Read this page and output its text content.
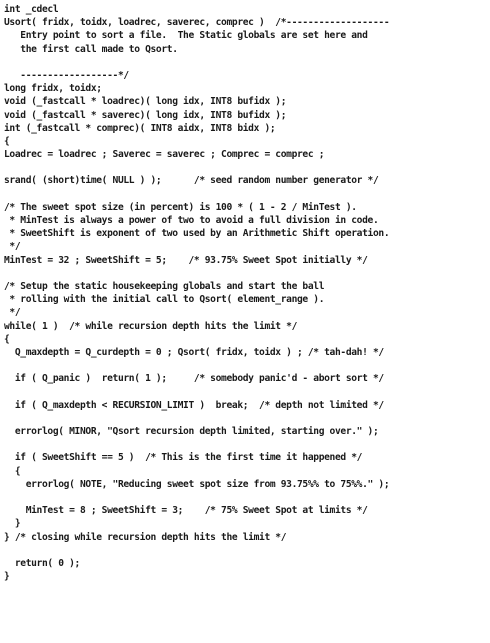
int _cdecl
Usort( fridx, toidx, loadrec, saverec, comprec )  /*-------------------
Entry point to sort a file.  The Static globals are set here and
the first call made to Qsort.
------------------*/
long fridx, toidx;
void (_fastcall * loadrec)( long idx, INT8 bufidx );
void (_fastcall * saverec)( long idx, INT8 bufidx );
int (_fastcall * comprec)( INT8 aidx, INT8 bidx );
{
Loadrec = loadrec ; Saverec = saverec ; Comprec = comprec ;
srand( (short)time( NULL ) );      /* seed random number generator */
/* The sweet spot size (in percent) is 100 * ( 1 - 2 / MinTest ).
* MinTest is always a power of two to avoid a full division in code.
* SweetShift is exponent of two used by an Arithmetic Shift operation.
*/
MinTest = 32 ; SweetShift = 5;    /* 93.75% Sweet Spot initially */
/* Setup the static housekeeping globals and start the ball
* rolling with the initial call to Qsort( element_range ).
*/
while( 1 )  /* while recursion depth hits the limit */
{
Q_maxdepth = Q_curdepth = 0 ; Qsort( fridx, toidx ) ; /* tah-dah! */
if ( Q_panic )  return( 1 );     /* somebody panic'd - abort sort */
if ( Q_maxdepth < RECURSION_LIMIT )  break;  /* depth not limited */
errorlog( MINOR, "Qsort recursion depth limited, starting over." );
if ( SweetShift == 5 )  /* This is the first time it happened */
{
errorlog( NOTE, "Reducing sweet spot size from 93.75%% to 75%%." );
MinTest = 8 ; SweetShift = 3;    /* 75% Sweet Spot at limits */
}
} /* closing while recursion depth hits the limit */
return( 0 );
}
